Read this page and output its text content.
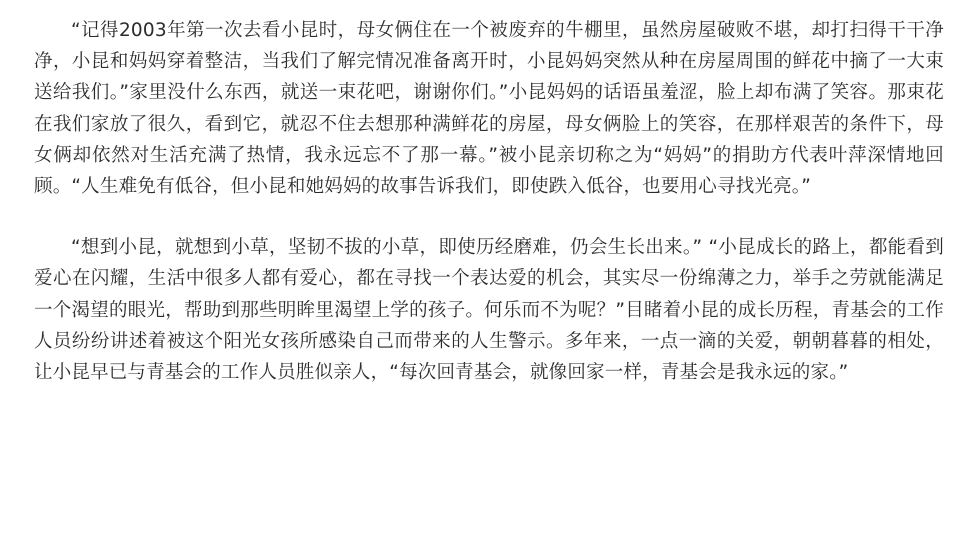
“记得2003年第一次去看小昆时，母女俩住在一个被废弃的牛棚里，虽然房屋破败不堪，却打扫得干干净净，小昆和妈妈穿着整洁，当我们了解完情况准备离开时，小昆妈妈突然从种在房屋周围的鲜花中摘了一大束送给我们。”家里没什么东西，就送一束花吧，谢谢你们。”小昆妈妈的话语虽羞涩，脸上却布满了笑容。那束花在我们家放了很久，看到它，就忍不住去想那种满鲜花的房屋，母女俩脸上的笑容，在那样艰苦的条件下，母女俩却依然对生活充满了热情，我永远忘不了那一幕。”被小昆亲切称之为“妈妈”的捐助方代表叶萍深情地回顾。“人生难免有低谷，但小昆和她妈妈的故事告诉我们，即使跌入低谷，也要用心寻找光亮。”

“想到小昆，就想到小草，坚韧不拔的小草，即使历经磨难，仍会生长出来。” “小昆成长的路上，都能看到爱心在闪耀，生活中很多人都有爱心，都在寻找一个表达爱的机会，其实尽一份绵薄之力，举手之劳就能满足一个渴望的眼光，帮助到那些明眸里渴望上学的孩子。何乐而不为呢？”目睹着小昆的成长历程，青基会的工作人员纷纷讲述着被这个阳光女孩所感染自己而带来的人生警示。多年来，一点一滴的关爱，朝朝暮暮的相处，让小昆早已与青基会的工作人员胜似亲人，“每次回青基会，就像回家一样，青基会是我永远的家。”
